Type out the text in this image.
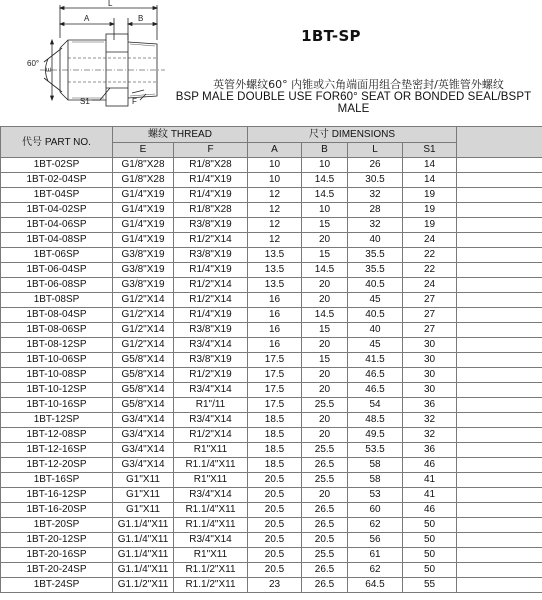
A
L
B
E
F
S1
60°
1BT-SP
英管外螺纹60° 内锥或六角端面用组合垫密封/英锥管外螺纹
BSP MALE DOUBLE USE FOR60° SEAT OR BONDED SEAL/BSPT MALE
代号 PART NO.	螺纹 THREAD		尺寸 DIMENSIONS				
	E	F	A	B	L	S1	
1BT-02SP	G1/8"X28	R1/8"X28	10	10	26	14	
1BT-02-04SP	G1/8"X28	R1/4"X19	10	14.5	30.5	14	
1BT-04SP	G1/4"X19	R1/4"X19	12	14.5	32	19	
1BT-04-02SP	G1/4"X19	R1/8"X28	12	10	28	19	
1BT-04-06SP	G1/4"X19	R3/8"X19	12	15	32	19	
1BT-04-08SP	G1/4"X19	R1/2"X14	12	20	40	24	
1BT-06SP	G3/8"X19	R3/8"X19	13.5	15	35.5	22	
1BT-06-04SP	G3/8"X19	R1/4"X19	13.5	14.5	35.5	22	
1BT-06-08SP	G3/8"X19	R1/2"X14	13.5	20	40.5	24	
1BT-08SP	G1/2"X14	R1/2"X14	16	20	45	27	
1BT-08-04SP	G1/2"X14	R1/4"X19	16	14.5	40.5	27	
1BT-08-06SP	G1/2"X14	R3/8"X19	16	15	40	27	
1BT-08-12SP	G1/2"X14	R3/4"X14	16	20	45	30	
1BT-10-06SP	G5/8"X14	R3/8"X19	17.5	15	41.5	30	
1BT-10-08SP	G5/8"X14	R1/2"X19	17.5	20	46.5	30	
1BT-10-12SP	G5/8"X14	R3/4"X14	17.5	20	46.5	30	
1BT-10-16SP	G5/8"X14	R1"/11	17.5	25.5	54	36	
1BT-12SP	G3/4"X14	R3/4"X14	18.5	20	48.5	32	
1BT-12-08SP	G3/4"X14	R1/2"X14	18.5	20	49.5	32	
1BT-12-16SP	G3/4"X14	R1"X11	18.5	25.5	53.5	36	
1BT-12-20SP	G3/4"X14	R1.1/4"X11	18.5	26.5	58	46	
1BT-16SP	G1"X11	R1"X11	20.5	25.5	58	41	
1BT-16-12SP	G1"X11	R3/4"X14	20.5	20	53	41	
1BT-16-20SP	G1"X11	R1.1/4"X11	20.5	26.5	60	46	
1BT-20SP	G1.1/4"X11	R1.1/4"X11	20.5	26.5	62	50	
1BT-20-12SP	G1.1/4"X11	R3/4"X14	20.5	20.5	56	50	
1BT-20-16SP	G1.1/4"X11	R1"X11	20.5	25.5	61	50	
1BT-20-24SP	G1.1/4"X11	R1.1/2"X11	20.5	26.5	62	50	
1BT-24SP	G1.1/2"X11	R1.1/2"X11	23	26.5	64.5	55	
